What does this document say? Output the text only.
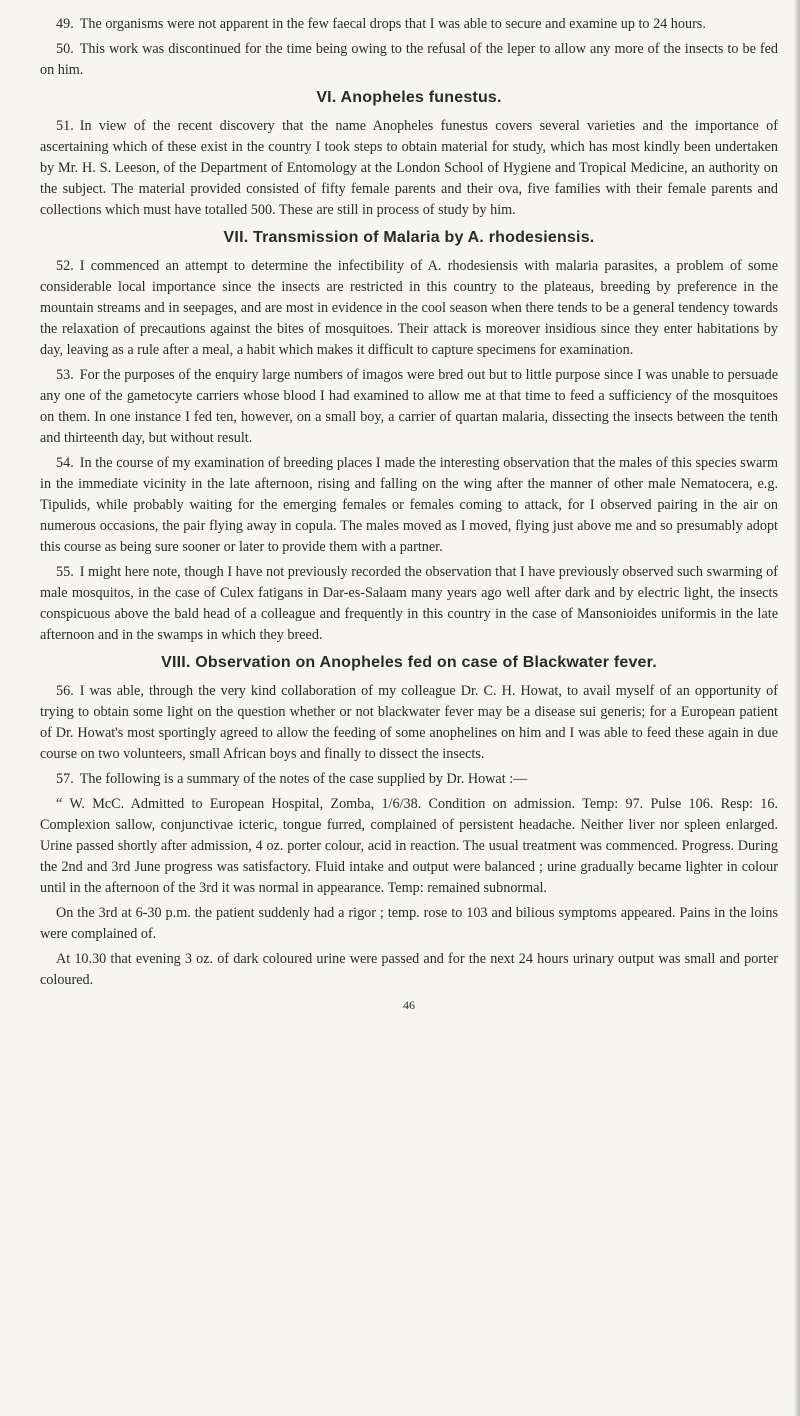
49. The organisms were not apparent in the few faecal drops that I was able to secure and examine up to 24 hours.

50. This work was discontinued for the time being owing to the refusal of the leper to allow any more of the insects to be fed on him.

VI. Anopheles funestus.

51. In view of the recent discovery that the name Anopheles funestus covers several varieties and the importance of ascertaining which of these exist in the country I took steps to obtain material for study, which has most kindly been undertaken by Mr. H. S. Leeson, of the Department of Entomology at the London School of Hygiene and Tropical Medicine, an authority on the subject. The material provided consisted of fifty female parents and their ova, five families with their female parents and collections which must have totalled 500. These are still in process of study by him.

VII. Transmission of Malaria by A. rhodesiensis.

52. I commenced an attempt to determine the infectibility of A. rhodesiensis with malaria parasites, a problem of some considerable local importance since the insects are restricted in this country to the plateaus, breeding by preference in the mountain streams and in seepages, and are most in evidence in the cool season when there tends to be a general tendency towards the relaxation of precautions against the bites of mosquitoes. Their attack is moreover insidious since they enter habitations by day, leaving as a rule after a meal, a habit which makes it difficult to capture specimens for examination.

53. For the purposes of the enquiry large numbers of imagos were bred out but to little purpose since I was unable to persuade any one of the gametocyte carriers whose blood I had examined to allow me at that time to feed a sufficiency of the mosquitoes on them. In one instance I fed ten, however, on a small boy, a carrier of quartan malaria, dissecting the insects between the tenth and thirteenth day, but without result.

54. In the course of my examination of breeding places I made the interesting observation that the males of this species swarm in the immediate vicinity in the late afternoon, rising and falling on the wing after the manner of other male Nematocera, e.g. Tipulids, while probably waiting for the emerging females or females coming to attack, for I observed pairing in the air on numerous occasions, the pair flying away in copula. The males moved as I moved, flying just above me and so presumably adopt this course as being sure sooner or later to provide them with a partner.

55. I might here note, though I have not previously recorded the observation that I have previously observed such swarming of male mosquitos, in the case of Culex fatigans in Dar-es-Salaam many years ago well after dark and by electric light, the insects conspicuous above the bald head of a colleague and frequently in this country in the case of Mansonioides uniformis in the late afternoon and in the swamps in which they breed.

VIII. Observation on Anopheles fed on case of Blackwater fever.

56. I was able, through the very kind collaboration of my colleague Dr. C. H. Howat, to avail myself of an opportunity of trying to obtain some light on the question whether or not blackwater fever may be a disease sui generis; for a European patient of Dr. Howat's most sportingly agreed to allow the feeding of some anophelines on him and I was able to feed these again in due course on two volunteers, small African boys and finally to dissect the insects.

57. The following is a summary of the notes of the case supplied by Dr. Howat :—

“ W. McC. Admitted to European Hospital, Zomba, 1/6/38. Condition on admission. Temp: 97. Pulse 106. Resp: 16. Complexion sallow, conjunctivae icteric, tongue furred, complained of persistent headache. Neither liver nor spleen enlarged. Urine passed shortly after admission, 4 oz. porter colour, acid in reaction. The usual treatment was commenced. Progress. During the 2nd and 3rd June progress was satisfactory. Fluid intake and output were balanced ; urine gradually became lighter in colour until in the afternoon of the 3rd it was normal in appearance. Temp: remained subnormal.

On the 3rd at 6-30 p.m. the patient suddenly had a rigor ; temp. rose to 103 and bilious symptoms appeared. Pains in the loins were complained of.

At 10.30 that evening 3 oz. of dark coloured urine were passed and for the next 24 hours urinary output was small and porter coloured.

46
